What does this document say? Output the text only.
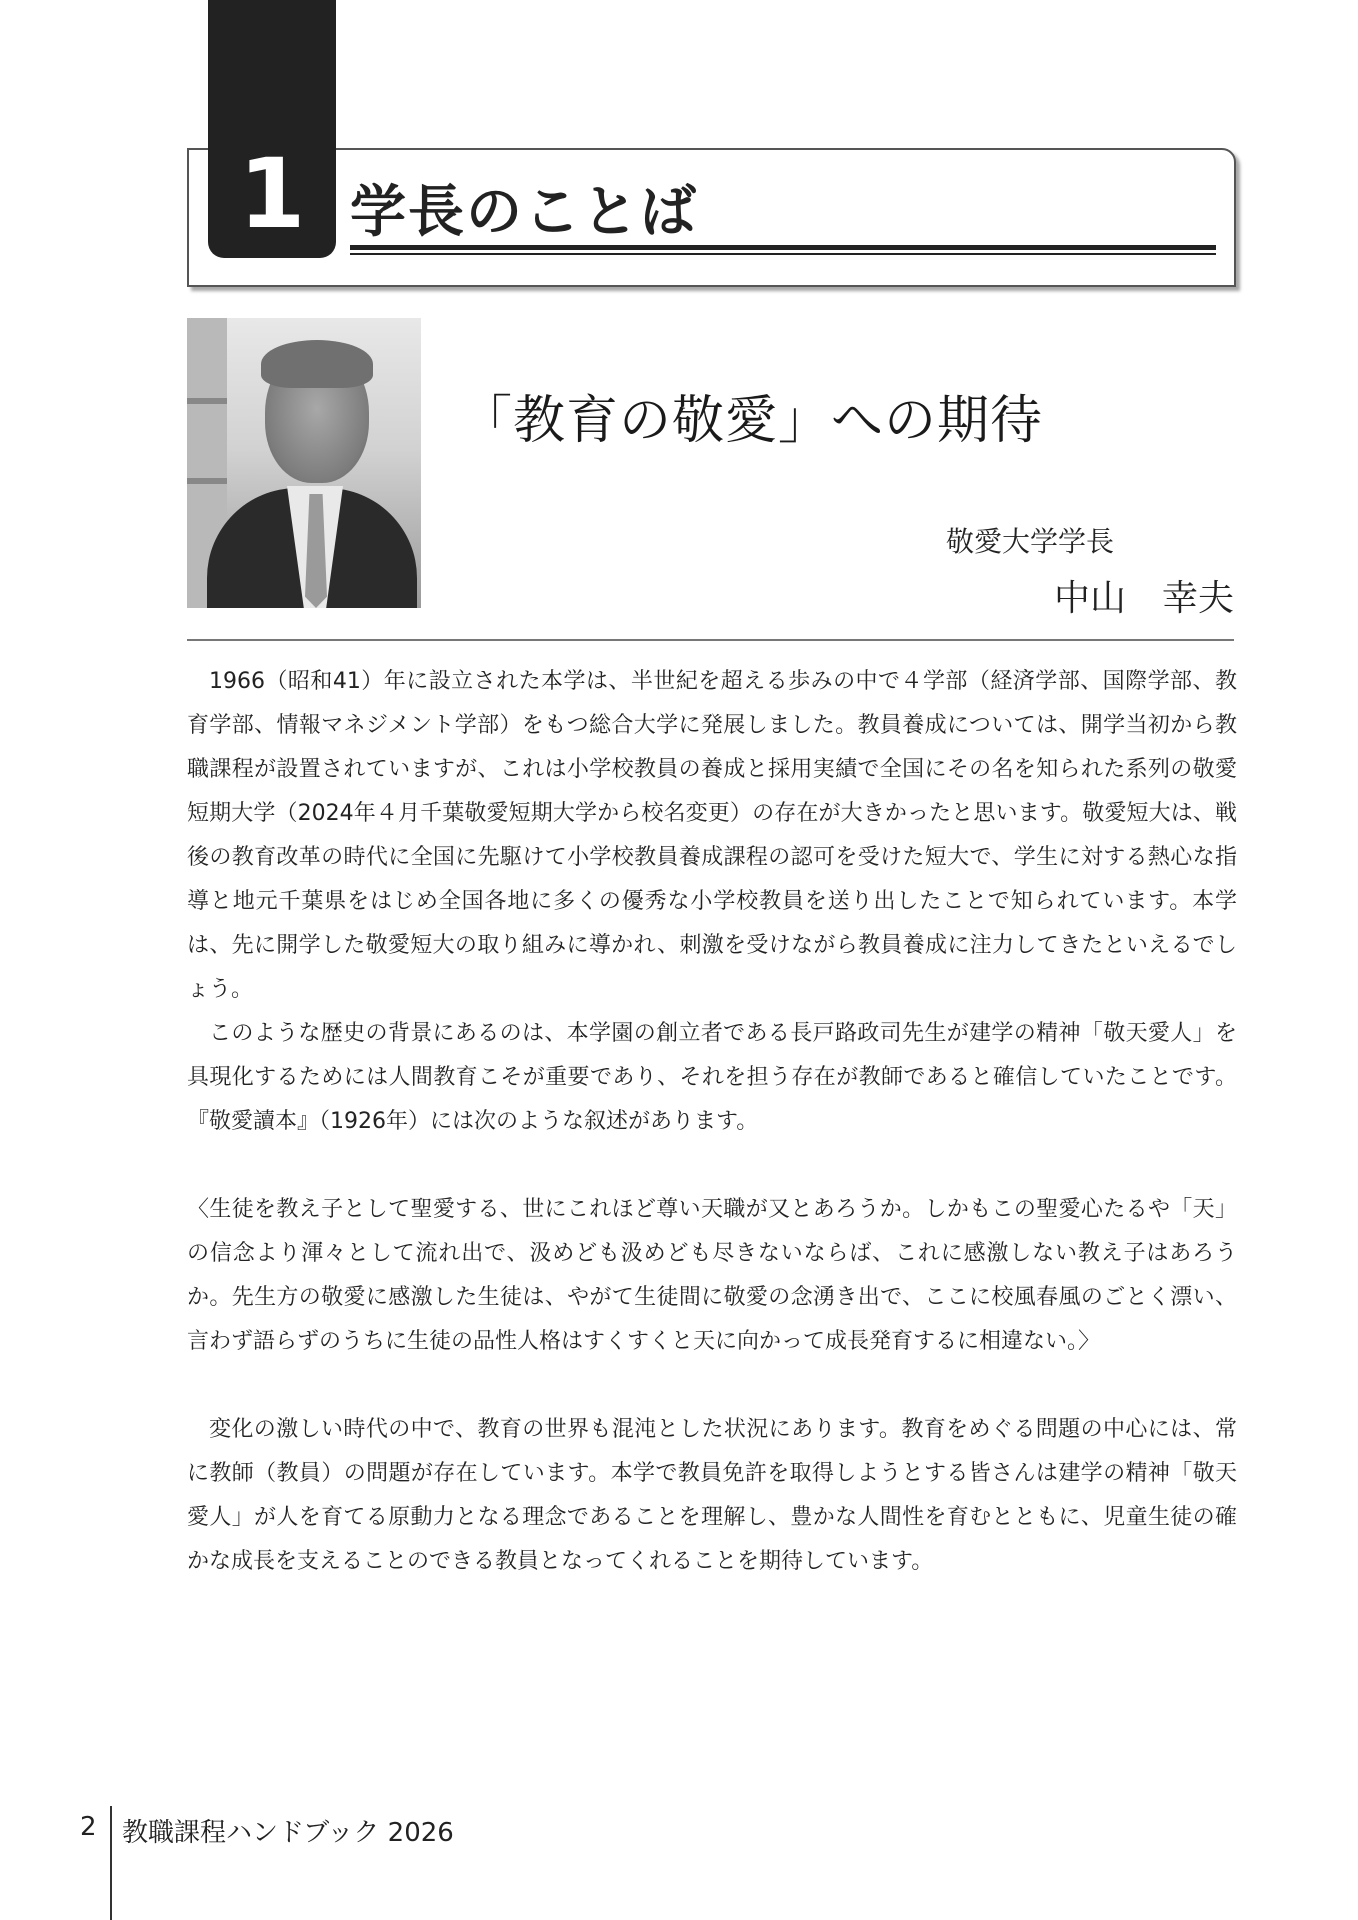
1 学長のことば
「教育の敬愛」への期待
敬愛大学学長
中山　幸夫

1966（昭和41）年に設立された本学は、半世紀を超える歩みの中で４学部（経済学部、国際学部、教育学部、情報マネジメント学部）をもつ総合大学に発展しました。教員養成については、開学当初から教職課程が設置されていますが、これは小学校教員の養成と採用実績で全国にその名を知られた系列の敬愛短期大学（2024年４月千葉敬愛短期大学から校名変更）の存在が大きかったと思います。敬愛短大は、戦後の教育改革の時代に全国に先駆けて小学校教員養成課程の認可を受けた短大で、学生に対する熱心な指導と地元千葉県をはじめ全国各地に多くの優秀な小学校教員を送り出したことで知られています。本学は、先に開学した敬愛短大の取り組みに導かれ、刺激を受けながら教員養成に注力してきたといえるでしょう。

このような歴史の背景にあるのは、本学園の創立者である長戸路政司先生が建学の精神「敬天愛人」を具現化するためには人間教育こそが重要であり、それを担う存在が教師であると確信していたことです。『敬愛讀本』（1926年）には次のような叙述があります。

〈生徒を教え子として聖愛する、世にこれほど尊い天職が又とあろうか。しかもこの聖愛心たるや「天」の信念より渾々として流れ出で、汲めども汲めども尽きないならば、これに感激しない教え子はあろうか。先生方の敬愛に感激した生徒は、やがて生徒間に敬愛の念湧き出で、ここに校風春風のごとく漂い、言わず語らずのうちに生徒の品性人格はすくすくと天に向かって成長発育するに相違ない。〉

変化の激しい時代の中で、教育の世界も混沌とした状況にあります。教育をめぐる問題の中心には、常に教師（教員）の問題が存在しています。本学で教員免許を取得しようとする皆さんは建学の精神「敬天愛人」が人を育てる原動力となる理念であることを理解し、豊かな人間性を育むとともに、児童生徒の確かな成長を支えることのできる教員となってくれることを期待しています。

2 教職課程ハンドブック 2026
